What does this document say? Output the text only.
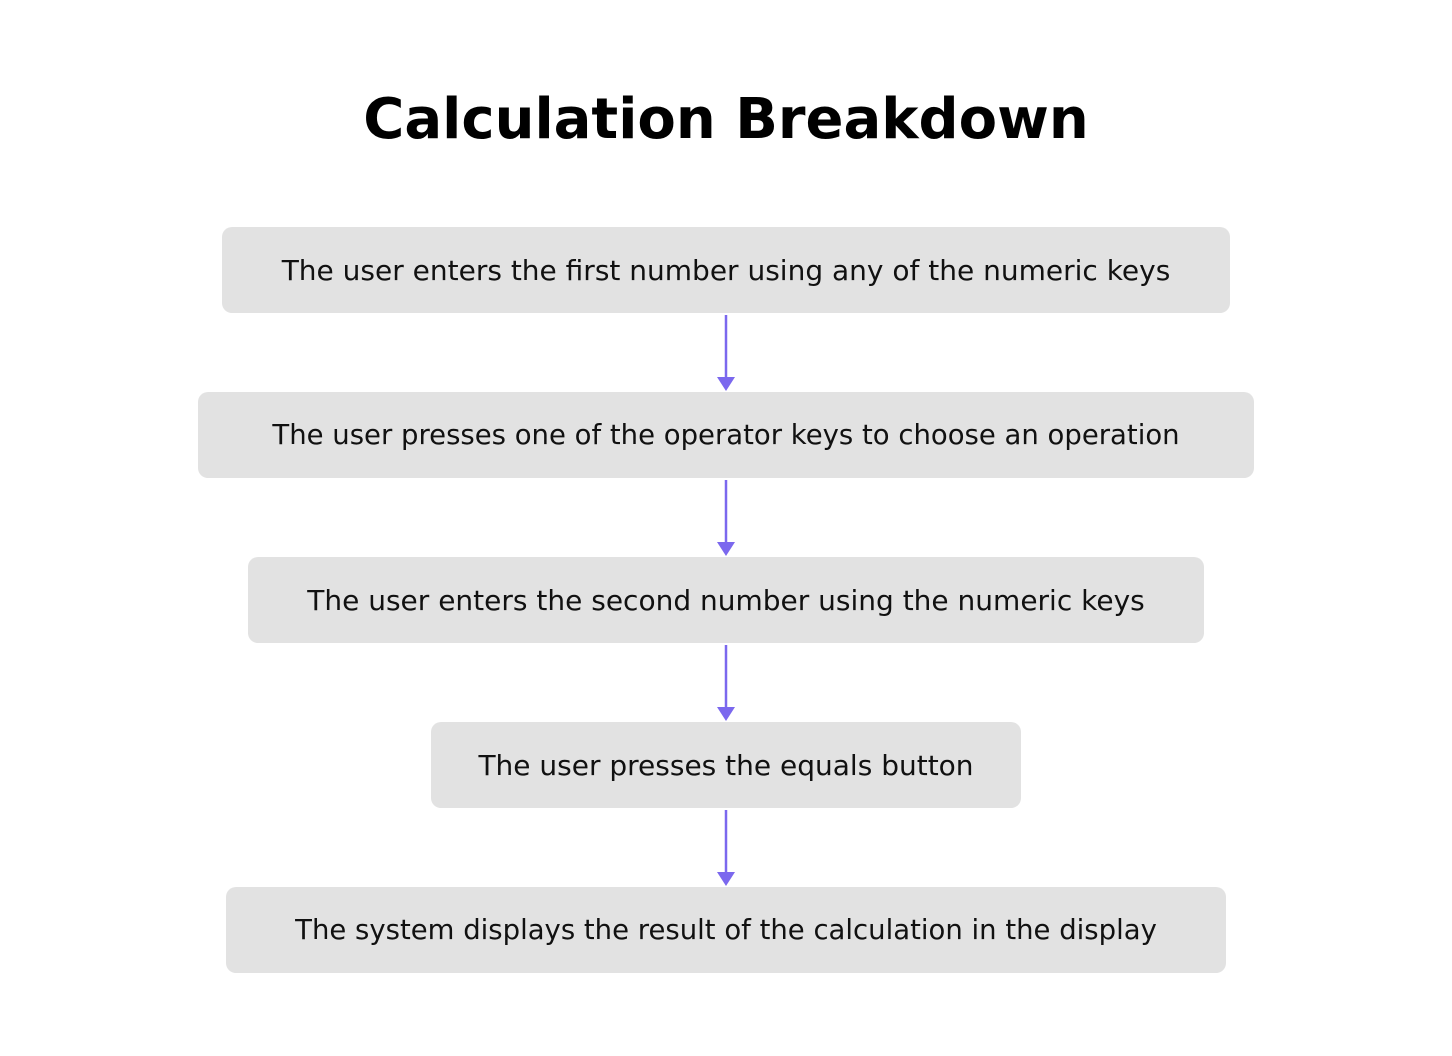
Calculation Breakdown
The user enters the first number using any of the numeric keys
The user presses one of the operator keys to choose an operation
The user enters the second number using the numeric keys
The user presses the equals button
The system displays the result of the calculation in the display
